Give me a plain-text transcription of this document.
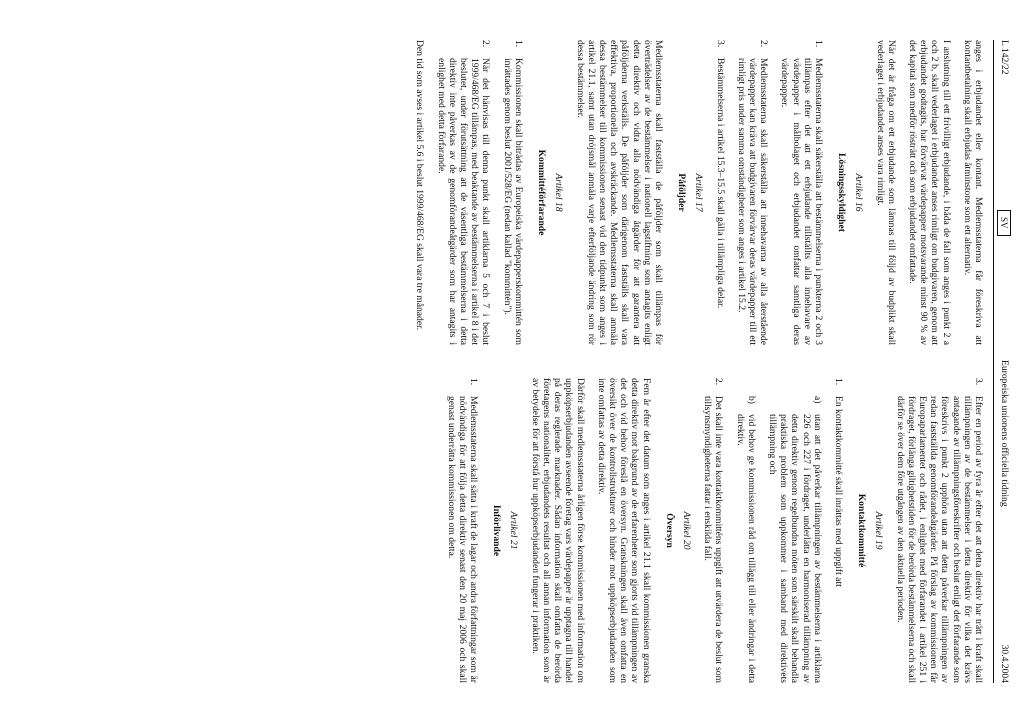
L 142/22
SV
Europeiska unionens officiella tidning
30.4.2004

anges i erbjudandet eller kontant. Medlemsstaterna får föreskriva att kontantbetalning skall erbjudas åtminstone som ett alternativ.

I anslutning till ett frivilligt erbjudande, i båda de fall som anges i punkt 2 a och 2 b, skall vederlaget i erbjudandet anses rimligt om budgivaren, genom att erbjudandet godtagits, har förvärvat värdepapper motsvarande minst 90 % av det kapital som medför rösträtt och som erbjudandet omfattade.

När det är fråga om ett erbjudande som lämnas till följd av budplikt skall vederlaget i erbjudandet anses vara rimligt.

Artikel 16
Lösningsskyldighet
1.
Medlemsstaterna skall säkerställa att bestämmelserna i punkterna 2 och 3 tillämpas efter det att ett erbjudande tillställts alla innehavare av värdepapper i målbolaget och erbjudandet omfattar samtliga deras värdepapper.
2.
Medlemsstaterna skall säkerställa att innehavarna av alla återstående värdepapper kan kräva att budgivaren förvärvar deras värdepapper till ett rimligt pris under samma omständigheter som anges i artikel 15.2.
3.
Bestämmelserna i artikel 15.3–15.5 skall gälla i tillämpliga delar.
Artikel 17
Påföljder

Medlemsstaterna skall fastställa de påföljder som skall tillämpas för överträdelser av de bestämmelser i nationell lagstiftning som antagits enligt detta direktiv och vidta alla nödvändiga åtgärder för att garantera att påföljderna verkställs. De påföljder som därigenom fastställs skall vara effektiva, proportionella och avskräckande. Medlemsstaterna skall anmäla dessa bestämmelser till kommissionen senast vid den tidpunkt som anges i artikel 21.1, samt utan dröjsmål anmäla varje efterföljande ändring som rör dessa bestämmelser.

Artikel 18
Kommittéförfarande
1.
Kommissionen skall biträdas av Europeiska värdepapperskommittén som inrättades genom beslut 2001/528/EG (nedan kallad "kommittén").
2.
När det hänvisas till denna punkt skall artiklarna 5 och 7 i beslut 1999/468/EG tillämpas, med beaktande av bestämmelserna i artikel 8 i det beslutet, under förutsättning att de väsentliga bestämmelserna i detta direktiv inte påverkas av de genomförandeåtgärder som har antagits i enlighet med detta förfarande.

Den tid som avses i artikel 5.6 i beslut 1999/468/EG skall vara tre månader.

3.
Efter en period av fyra år efter det att detta direktiv har trätt i kraft skall tillämpningen av de bestämmelser i detta direktiv för vilka det krävs antagande av tillämpningsföreskrifter och beslut enligt det förfarande som föreskrivs i punkt 2 upphöra utan att detta påverkar tillämpningen av redan fastställda genomförandeåtgärder. På förslag av kommissionen får Europaparlamentet och rådet, i enlighet med förfarandet i artikel 251 i fördraget, förlänga giltighetstiden för de berörda bestämmelserna och skall därför se över dem före utgången av den aktuella perioden.
Artikel 19
Kontaktkommitté
1.
En kontaktkommitté skall inrättas med uppgift att
a)
utan att det påverkar tillämpningen av bestämmelserna i artiklarna 226 och 227 i fördraget, underlätta en harmoniserad tillämpning av detta direktiv genom regelbundna möten som särskilt skall behandla praktiska problem som uppkommer i samband med direktivets tillämpning och
b)
vid behov ge kommissionen råd om tillägg till eller ändringar i detta direktiv.
2.
Det skall inte vara kontaktkommitténs uppgift att utvärdera de beslut som tillsynsmyndigheterna fattar i enskilda fall.
Artikel 20
Översyn

Fem år efter det datum som anges i artikel 21.1 skall kommissionen granska detta direktiv mot bakgrund av de erfarenheter som gjorts vid tillämpningen av det och vid behov föreslå en översyn. Granskningen skall även omfatta en översikt över de kontrollstrukturer och hinder mot uppköpserbjudanden som inte omfattas av detta direktiv.

Därför skall medlemsstaterna årligen förse kommissionen med information om uppköpserbjudanden avseende företag vars värdepapper är upptagna till handel på deras reglerade marknader. Sådan information skall omfatta de berörda företagens nationalitet, erbjudandets resultat och all annan information som är av betydelse för att förstå hur uppköpserbjudanden fungerar i praktiken.

Artikel 21
Införlivande
1.
Medlemsstaterna skall sätta i kraft de lagar och andra författningar som är nödvändiga för att följa detta direktiv senast den 20 maj 2006 och skall genast underrätta kommissionen om detta.
